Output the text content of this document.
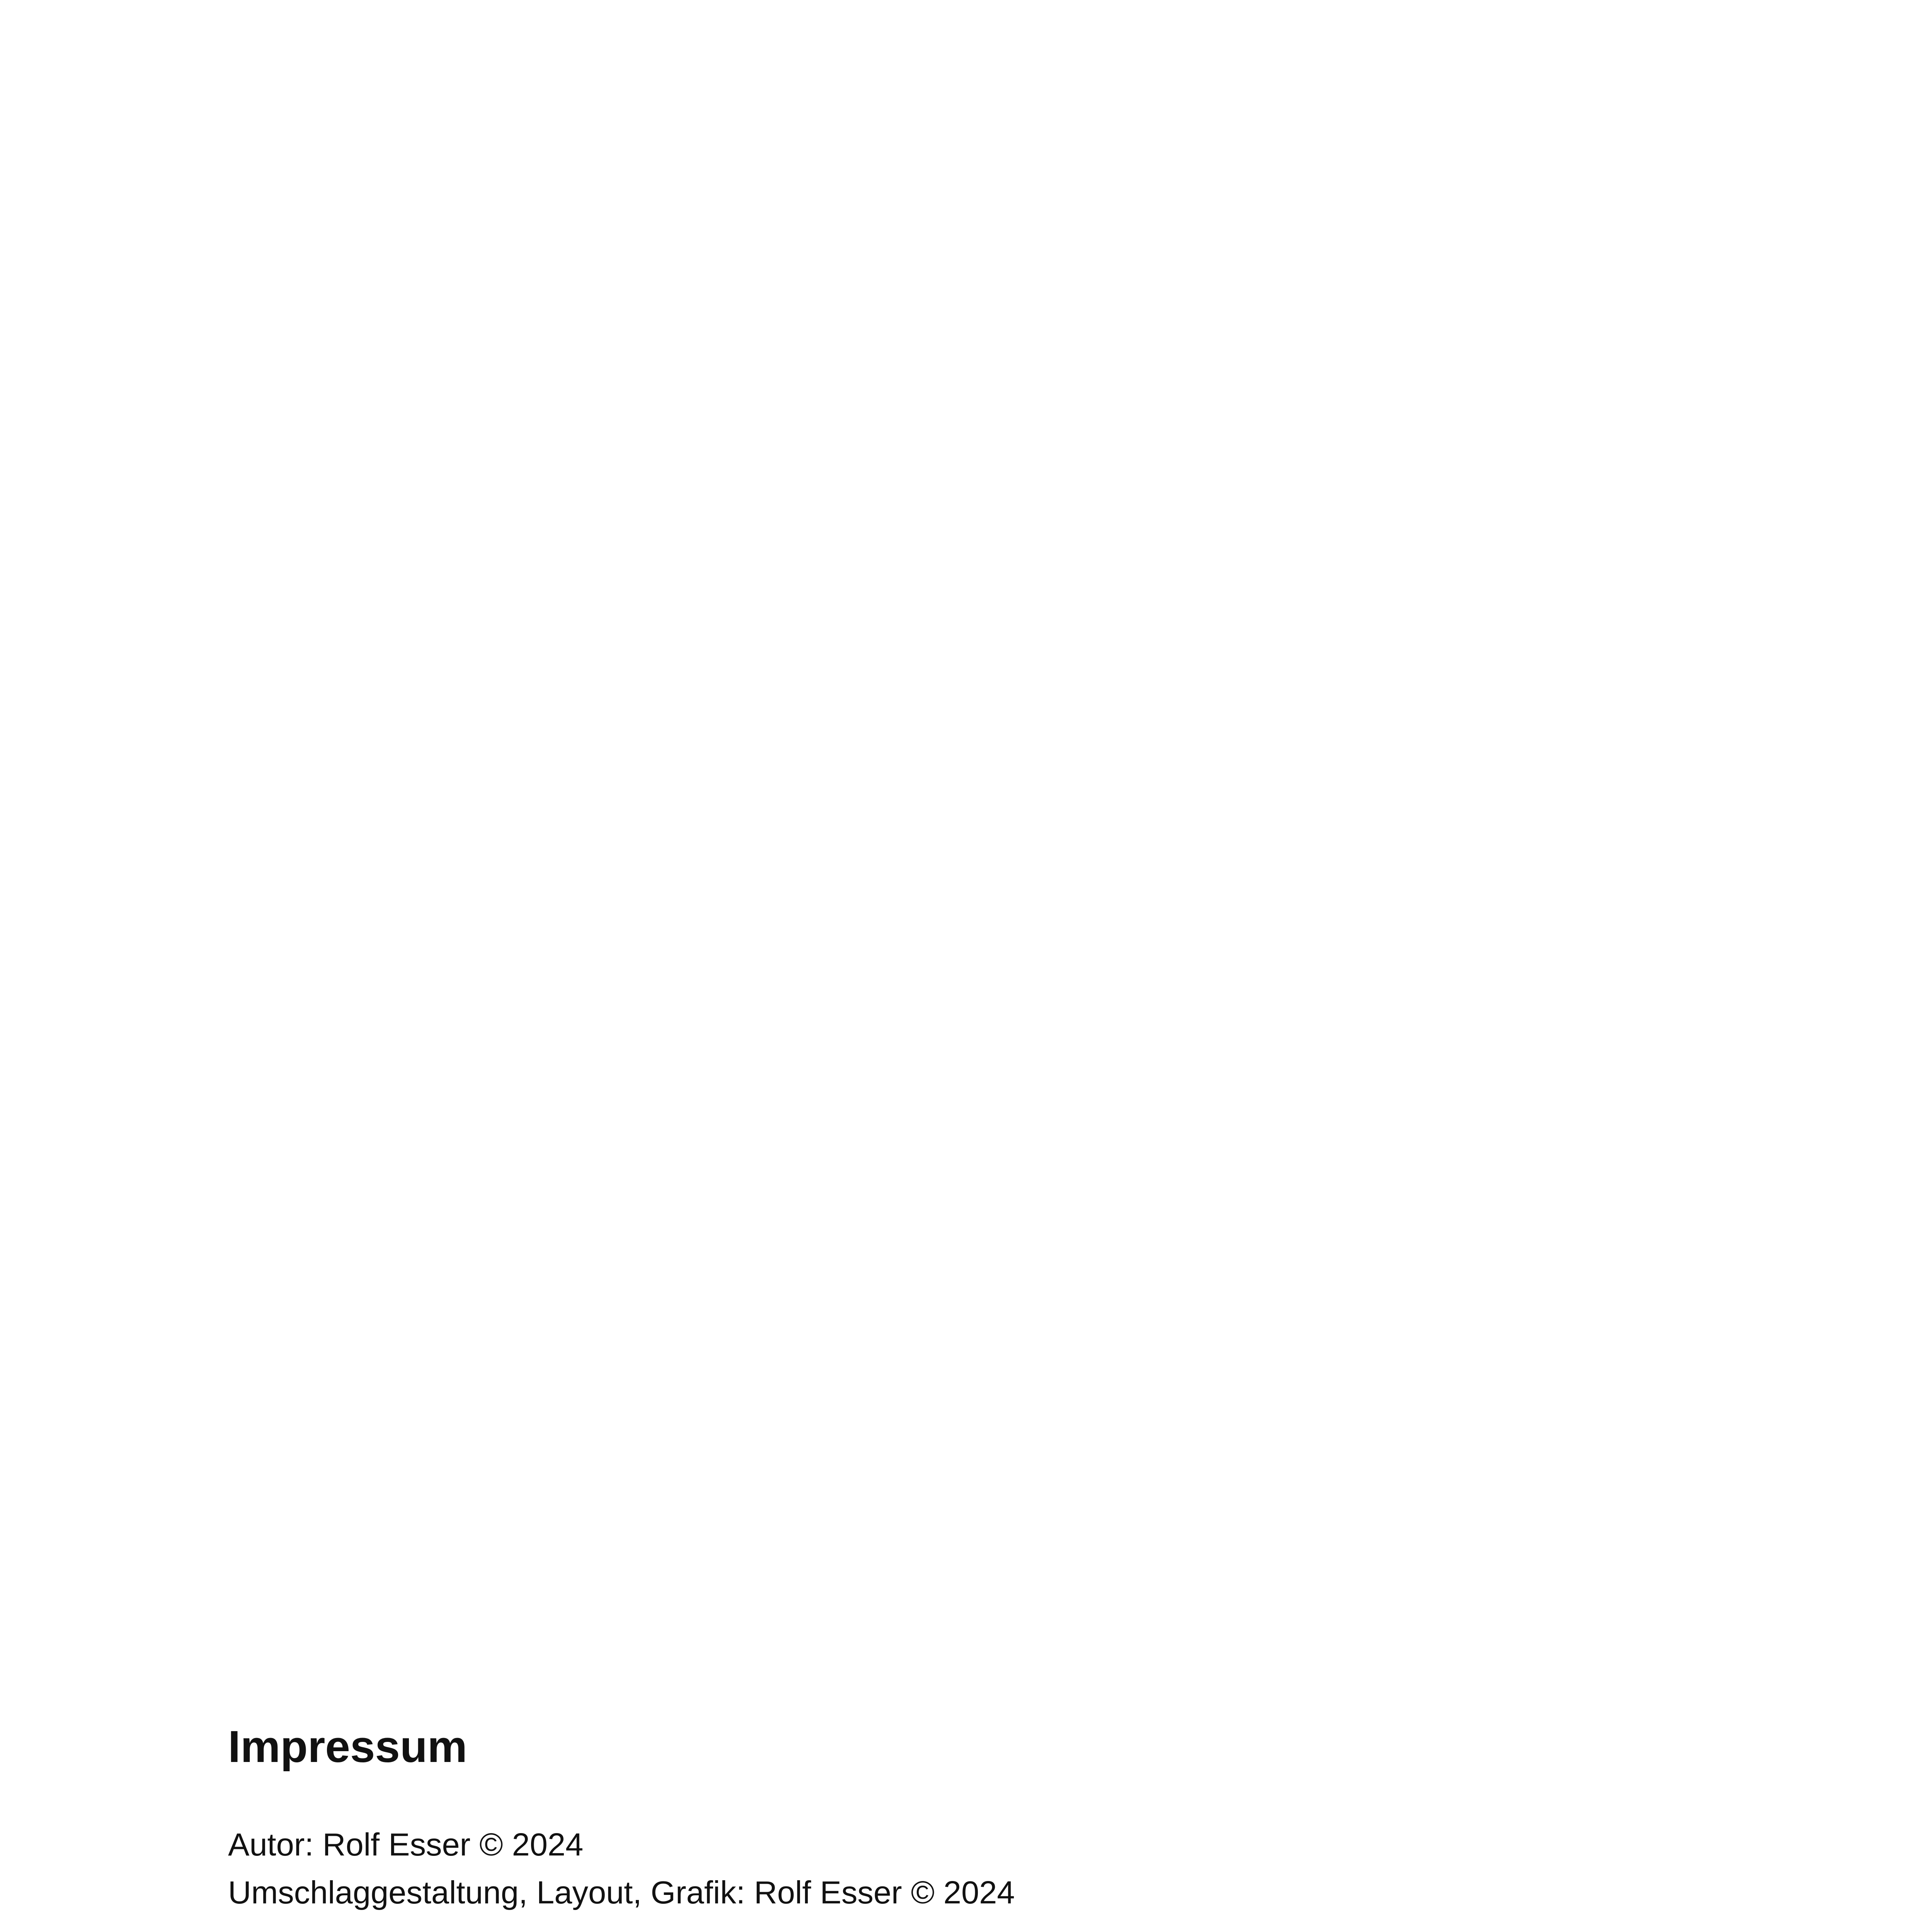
Impressum
Autor: Rolf Esser © 2024
Umschlaggestaltung, Layout, Grafik: Rolf Esser © 2024
